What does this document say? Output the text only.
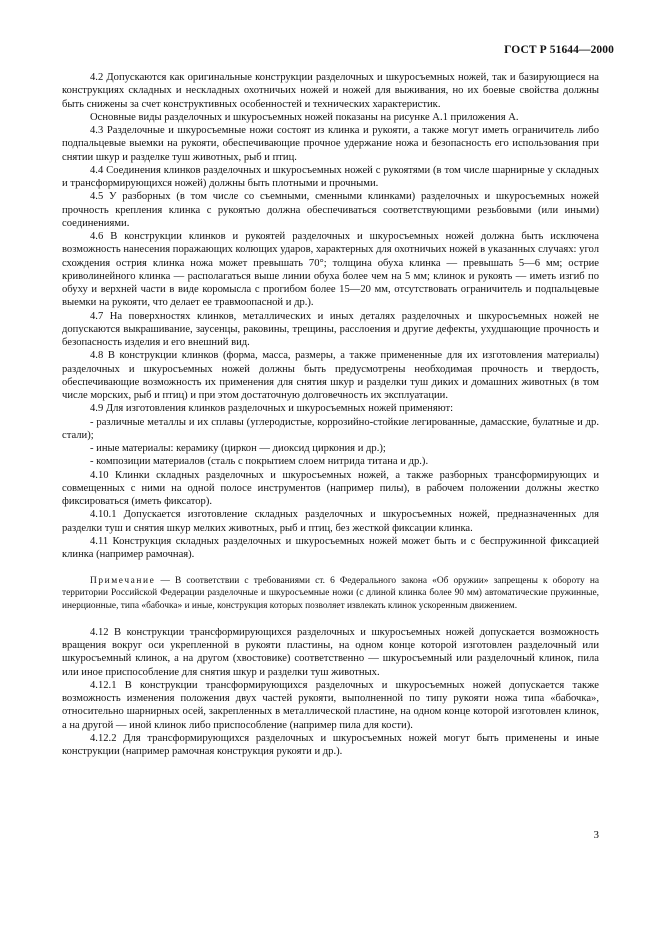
ГОСТ Р 51644—2000

4.2 Допускаются как оригинальные конструкции разделочных и шкуросъемных ножей, так и базирующиеся на конструкциях складных и нескладных охотничьих ножей и ножей для выживания, но их боевые свойства должны быть снижены за счет конструктивных особенностей и технических характеристик.

Основные виды разделочных и шкуросъемных ножей показаны на рисунке А.1 приложения А.

4.3 Разделочные и шкуросъемные ножи состоят из клинка и рукояти, а также могут иметь ограничитель либо подпальцевые выемки на рукояти, обеспечивающие прочное удержание ножа и безопасность его использования при снятии шкур и разделке туш животных, рыб и птиц.

4.4 Соединения клинков разделочных и шкуросъемных ножей с рукоятями (в том числе шарнирные у складных и трансформирующихся ножей) должны быть плотными и прочными.

4.5 У разборных (в том числе со съемными, сменными клинками) разделочных и шкуросъемных ножей прочность крепления клинка с рукоятью должна обеспечиваться соответствующими резьбовыми (или иными) соединениями.

4.6 В конструкции клинков и рукоятей разделочных и шкуросъемных ножей должна быть исключена возможность нанесения поражающих колющих ударов, характерных для охотничьих ножей в указанных случаях: угол схождения острия клинка ножа может превышать 70°; толщина обуха клинка — превышать 5—6 мм; острие криволинейного клинка — располагаться выше линии обуха более чем на 5 мм; клинок и рукоять — иметь изгиб по обуху и верхней части в виде коромысла с прогибом более 15—20 мм, отсутствовать ограничитель и подпальцевые выемки на рукояти, что делает ее травмоопасной и др.).

4.7 На поверхностях клинков, металлических и иных деталях разделочных и шкуросъемных ножей не допускаются выкрашивание, заусенцы, раковины, трещины, расслоения и другие дефекты, ухудшающие прочность и безопасность изделия и его внешний вид.

4.8 В конструкции клинков (форма, масса, размеры, а также примененные для их изготовления материалы) разделочных и шкуросъемных ножей должны быть предусмотрены необходимая прочность и твердость, обеспечивающие возможность их применения для снятия шкур и разделки туш диких и домашних животных (в том числе морских, рыб и птиц) и при этом достаточную долговечность их эксплуатации.

4.9 Для изготовления клинков разделочных и шкуросъемных ножей применяют:

- различные металлы и их сплавы (углеродистые, коррозийно-стойкие легированные, дамасские, булатные и др. стали);

- иные материалы: керамику (циркон — диоксид циркония и др.);

- композиции материалов (сталь с покрытием слоем нитрида титана и др.).

4.10 Клинки складных разделочных и шкуросъемных ножей, а также разборных трансформирующих и совмещенных с ними на одной полосе инструментов (например пилы), в рабочем положении должны жестко фиксироваться (иметь фиксатор).

4.10.1 Допускается изготовление складных разделочных и шкуросъемных ножей, предназначенных для разделки туш и снятия шкур мелких животных, рыб и птиц, без жесткой фиксации клинка.

4.11 Конструкция складных разделочных и шкуросъемных ножей может быть и с беспружинной фиксацией клинка (например рамочная).

Примечание — В соответствии с требованиями ст. 6 Федерального закона «Об оружии» запрещены к обороту на территории Российской Федерации разделочные и шкуросъемные ножи (с длиной клинка более 90 мм) автоматические пружинные, инерционные, типа «бабочка» и иные, конструкция которых позволяет извлекать клинок ускоренным движением.

4.12 В конструкции трансформирующихся разделочных и шкуросъемных ножей допускается возможность вращения вокруг оси укрепленной в рукояти пластины, на одном конце которой изготовлен разделочный или шкуросъемный клинок, а на другом (хвостовике) соответственно — шкуросъемный или разделочный клинок, пила или иное приспособление для снятия шкур и разделки туш животных.

4.12.1 В конструкции трансформирующихся разделочных и шкуросъемных ножей допускается также возможность изменения положения двух частей рукояти, выполненной по типу рукояти ножа типа «бабочка», относительно шарнирных осей, закрепленных в металлической пластине, на одном конце которой изготовлен клинок, а на другой — иной клинок либо приспособление (например пила для кости).

4.12.2 Для трансформирующихся разделочных и шкуросъемных ножей могут быть применены и иные конструкции (например рамочная конструкция рукояти и др.).

3
